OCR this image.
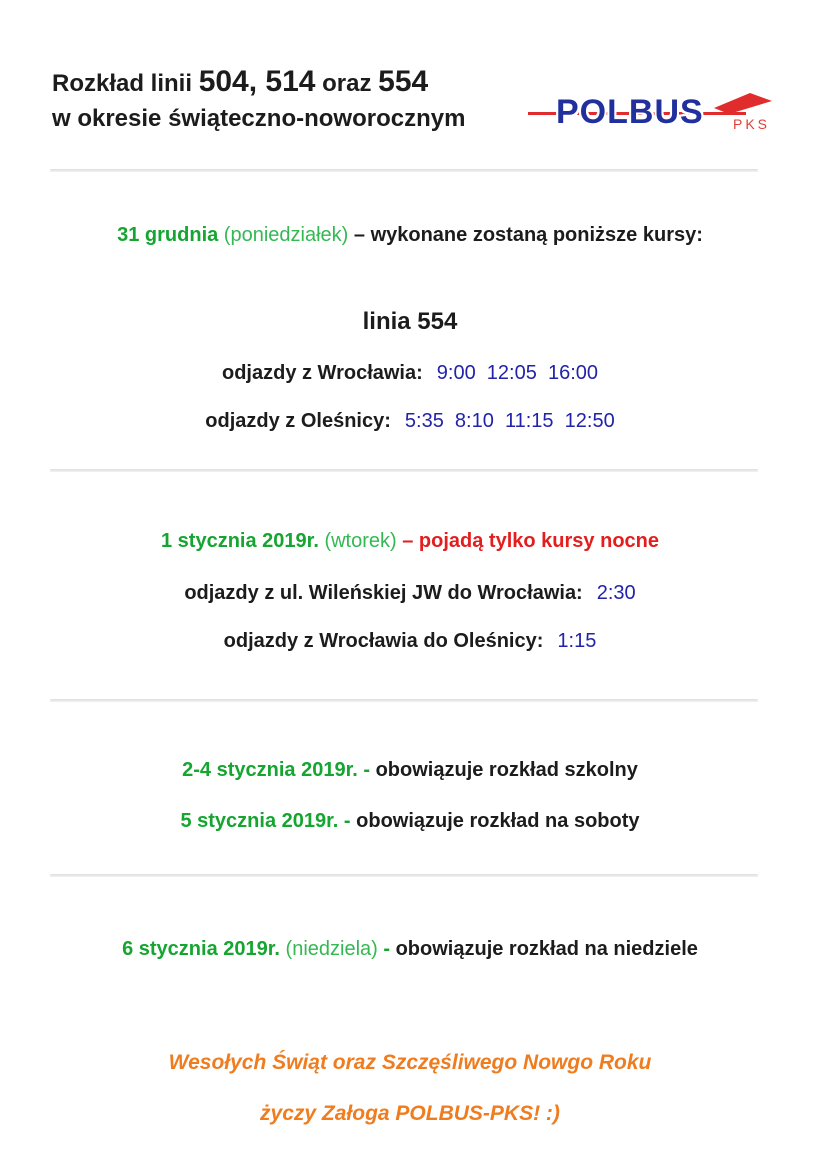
Rozkład linii 504, 514 oraz 554
w okresie świąteczno-noworocznym	POLBUS PKS
31 grudnia (poniedziałek) – wykonane zostaną poniższe kursy:
linia 554
odjazdy z Wrocławia: 9:00  12:05  16:00
odjazdy z Oleśnicy: 5:35  8:10  11:15  12:50
1 stycznia 2019r. (wtorek) – pojadą tylko kursy nocne
odjazdy z ul. Wileńskiej JW do Wrocławia: 2:30
odjazdy z Wrocławia do Oleśnicy: 1:15
2-4 stycznia 2019r. - obowiązuje rozkład szkolny
5 stycznia 2019r. - obowiązuje rozkład na soboty
6 stycznia 2019r. (niedziela) - obowiązuje rozkład na niedziele
Wesołych Świąt oraz Szczęśliwego Nowgo Roku
życzy Załoga POLBUS-PKS! :)
